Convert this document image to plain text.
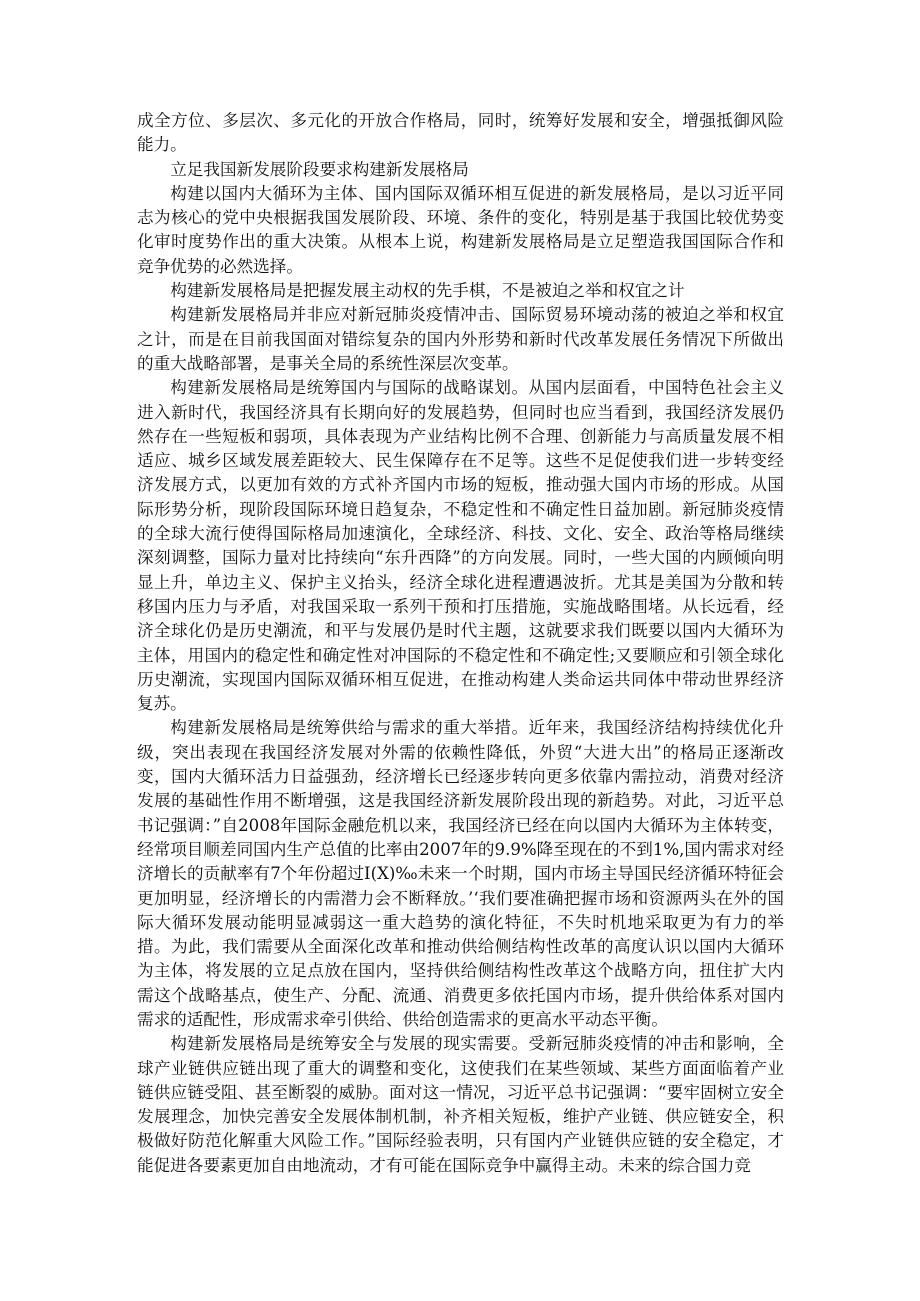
成全方位、多层次、多元化的开放合作格局，同时，统筹好发展和安全，增强抵御风险能力。

立足我国新发展阶段要求构建新发展格局

构建以国内大循环为主体、国内国际双循环相互促进的新发展格局，是以习近平同志为核心的党中央根据我国发展阶段、环境、条件的变化，特别是基于我国比较优势变化审时度势作出的重大决策。从根本上说，构建新发展格局是立足塑造我国国际合作和竞争优势的必然选择。

构建新发展格局是把握发展主动权的先手棋，不是被迫之举和权宜之计

构建新发展格局并非应对新冠肺炎疫情冲击、国际贸易环境动荡的被迫之举和权宜之计，而是在目前我国面对错综复杂的国内外形势和新时代改革发展任务情况下所做出的重大战略部署，是事关全局的系统性深层次变革。

构建新发展格局是统筹国内与国际的战略谋划。从国内层面看，中国特色社会主义进入新时代，我国经济具有长期向好的发展趋势，但同时也应当看到，我国经济发展仍然存在一些短板和弱项，具体表现为产业结构比例不合理、创新能力与高质量发展不相适应、城乡区域发展差距较大、民生保障存在不足等。这些不足促使我们进一步转变经济发展方式，以更加有效的方式补齐国内市场的短板，推动强大国内市场的形成。从国际形势分析，现阶段国际环境日趋复杂，不稳定性和不确定性日益加剧。新冠肺炎疫情的全球大流行使得国际格局加速演化，全球经济、科技、文化、安全、政治等格局继续深刻调整，国际力量对比持续向“东升西降”的方向发展。同时，一些大国的内顾倾向明显上升，单边主义、保护主义抬头，经济全球化进程遭遇波折。尤其是美国为分散和转移国内压力与矛盾，对我国采取一系列干预和打压措施，实施战略围堵。从长远看，经济全球化仍是历史潮流，和平与发展仍是时代主题，这就要求我们既要以国内大循环为主体，用国内的稳定性和确定性对冲国际的不稳定性和不确定性;又要顺应和引领全球化历史潮流，实现国内国际双循环相互促进，在推动构建人类命运共同体中带动世界经济复苏。

构建新发展格局是统筹供给与需求的重大举措。近年来，我国经济结构持续优化升级，突出表现在我国经济发展对外需的依赖性降低，外贸“大进大出”的格局正逐渐改变，国内大循环活力日益强劲，经济增长已经逐步转向更多依靠内需拉动，消费对经济发展的基础性作用不断增强，这是我国经济新发展阶段出现的新趋势。对此，习近平总书记强调：”自2008年国际金融危机以来，我国经济已经在向以国内大循环为主体转变，经常项目顺差同国内生产总值的比率由2007年的9.9%降至现在的不到1%,国内需求对经济增长的贡献率有7个年份超过I(X)‰未来一个时期，国内市场主导国民经济循环特征会更加明显，经济增长的内需潜力会不断释放。’‘我们要准确把握市场和资源两头在外的国际大循环发展动能明显减弱这一重大趋势的演化特征，不失时机地采取更为有力的举措。为此，我们需要从全面深化改革和推动供给侧结构性改革的高度认识以国内大循环为主体，将发展的立足点放在国内，坚持供给侧结构性改革这个战略方向，扭住扩大内需这个战略基点，使生产、分配、流通、消费更多依托国内市场，提升供给体系对国内需求的适配性，形成需求牵引供给、供给创造需求的更高水平动态平衡。

构建新发展格局是统筹安全与发展的现实需要。受新冠肺炎疫情的冲击和影响，全球产业链供应链出现了重大的调整和变化，这使我们在某些领域、某些方面面临着产业链供应链受阻、甚至断裂的威胁。面对这一情况，习近平总书记强调：“要牢固树立安全发展理念，加快完善安全发展体制机制，补齐相关短板，维护产业链、供应链安全，积极做好防范化解重大风险工作。”国际经验表明，只有国内产业链供应链的安全稳定，才能促进各要素更加自由地流动，才有可能在国际竞争中赢得主动。未来的综合国力竞
